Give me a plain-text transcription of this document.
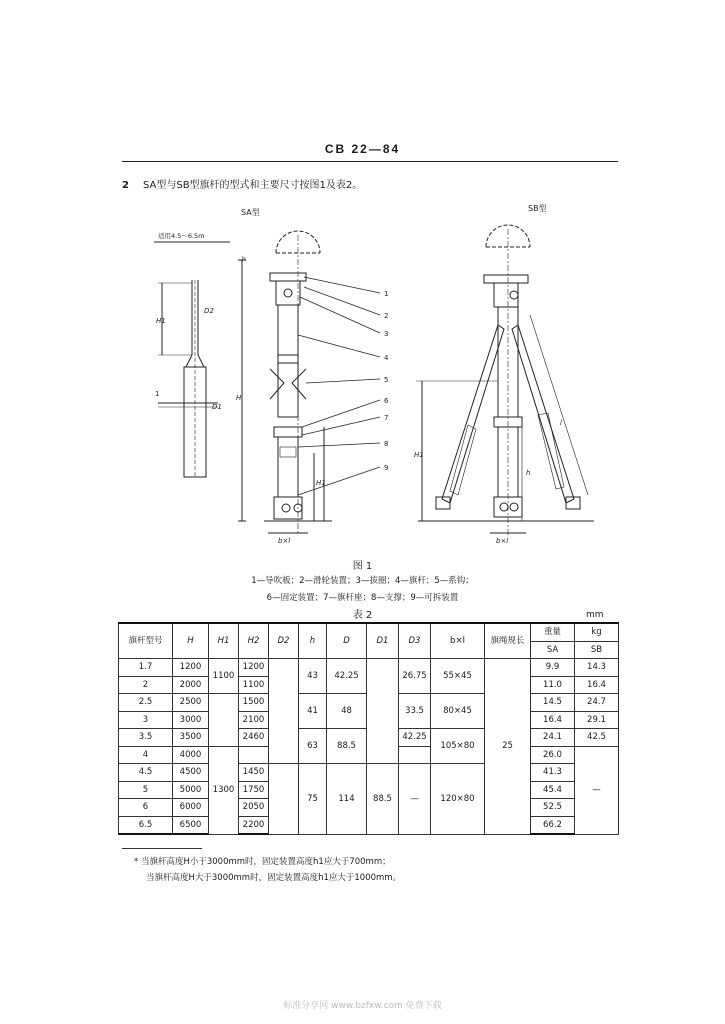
CB 22—84
2 SA型与SB型旗杆的型式和主要尺寸按图1及表2。
SA型	SB型
适用4.5～6.5m
H1
D2
D1
1	H
h
H1
b×l
1
2
3
4
5
6
7
8
9
H1
l
b×l
h
图 1
1—导吹板；2—滑轮装置；3—拔圈；4—旗杆；5—系钩；
6—固定装置；7—旗杆座；8—支撑；9—可拆装置
表 2	mm
旗杆型号	H	H1	H2	D2	h	D	D1	D3	b×l	旗绳规长	重量	kg
											SA	SB
1.7	1200	1100	1200		43	42.25		26.75	55×45	25	9.9	14.3
2	2000		1100								11.0	16.4
2.5	2500		1500		41	48		33.5	80×45		14.5	24.7
3	3000		2100								16.4	29.1
3.5	3500		2460		63	88.5		42.25	105×80		24.1	42.5
4	4000	1300									26.0	—
4.5	4500		1450		75	114	88.5	—	120×80		41.3	
5	5000		1750								45.4	
6	6000		2050								52.5	
6.5	6500		2200								66.2	
* 当旗杆高度H小于3000mm时，固定装置高度h1应大于700mm；
当旗杆高度H大于3000mm时，固定装置高度h1应大于1000mm。
标准分享网 www.bzfxw.com 免费下载
